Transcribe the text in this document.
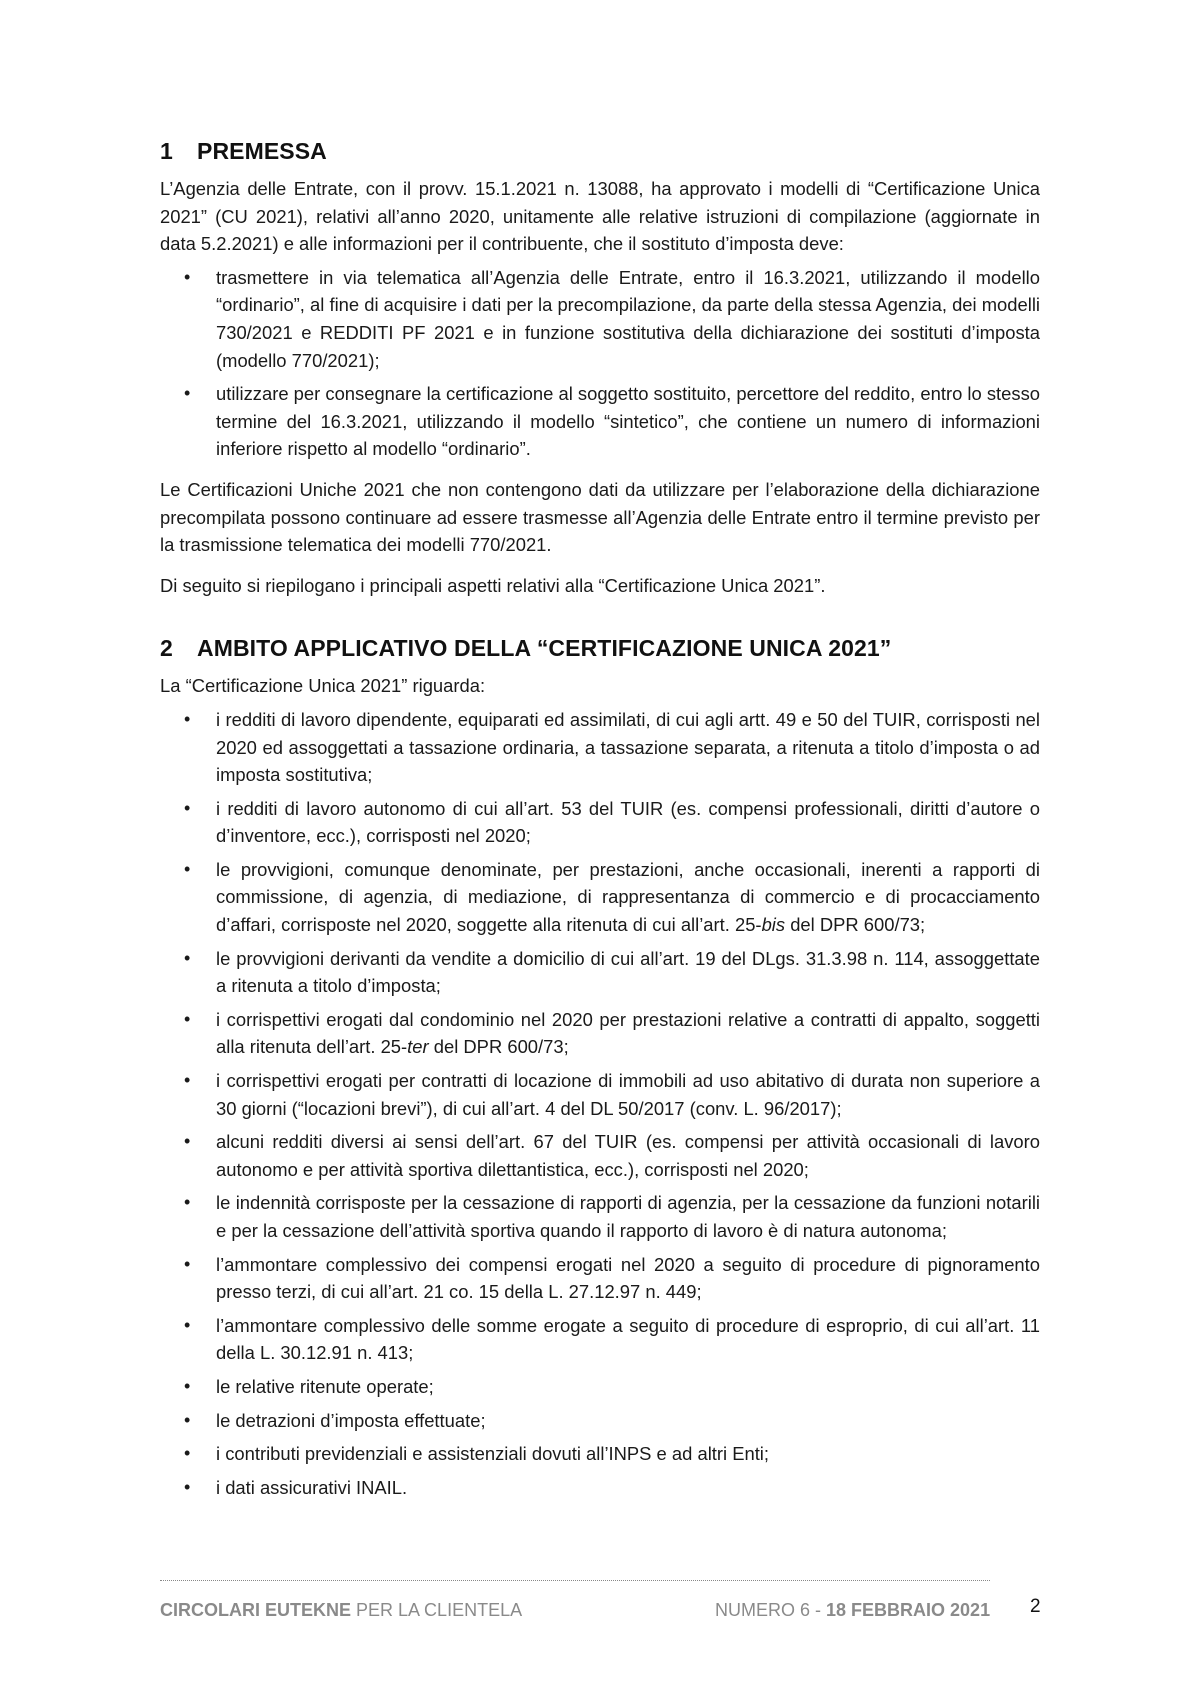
1 PREMESSA

L’Agenzia delle Entrate, con il provv. 15.1.2021 n. 13088, ha approvato i modelli di “Certificazione Unica 2021” (CU 2021), relativi all’anno 2020, unitamente alle relative istruzioni di compilazione (aggiornate in data 5.2.2021) e alle informazioni per il contribuente, che il sostituto d’imposta deve:

• trasmettere in via telematica all’Agenzia delle Entrate, entro il 16.3.2021, utilizzando il modello “ordinario”, al fine di acquisire i dati per la precompilazione, da parte della stessa Agenzia, dei modelli 730/2021 e REDDITI PF 2021 e in funzione sostitutiva della dichiarazione dei sostituti d’imposta (modello 770/2021);
• utilizzare per consegnare la certificazione al soggetto sostituito, percettore del reddito, entro lo stesso termine del 16.3.2021, utilizzando il modello “sintetico”, che contiene un numero di informazioni inferiore rispetto al modello “ordinario”.

Le Certificazioni Uniche 2021 che non contengono dati da utilizzare per l’elaborazione della dichiarazione precompilata possono continuare ad essere trasmesse all’Agenzia delle Entrate entro il termine previsto per la trasmissione telematica dei modelli 770/2021.

Di seguito si riepilogano i principali aspetti relativi alla “Certificazione Unica 2021”.

2 AMBITO APPLICATIVO DELLA “CERTIFICAZIONE UNICA 2021”

La “Certificazione Unica 2021” riguarda:

• i redditi di lavoro dipendente, equiparati ed assimilati, di cui agli artt. 49 e 50 del TUIR, corrisposti nel 2020 ed assoggettati a tassazione ordinaria, a tassazione separata, a ritenuta a titolo d’imposta o ad imposta sostitutiva;
• i redditi di lavoro autonomo di cui all’art. 53 del TUIR (es. compensi professionali, diritti d’autore o d’inventore, ecc.), corrisposti nel 2020;
• le provvigioni, comunque denominate, per prestazioni, anche occasionali, inerenti a rapporti di commissione, di agenzia, di mediazione, di rappresentanza di commercio e di procacciamento d’affari, corrisposte nel 2020, soggette alla ritenuta di cui all’art. 25-bis del DPR 600/73;
• le provvigioni derivanti da vendite a domicilio di cui all’art. 19 del DLgs. 31.3.98 n. 114, assoggettate a ritenuta a titolo d’imposta;
• i corrispettivi erogati dal condominio nel 2020 per prestazioni relative a contratti di appalto, soggetti alla ritenuta dell’art. 25-ter del DPR 600/73;
• i corrispettivi erogati per contratti di locazione di immobili ad uso abitativo di durata non superiore a 30 giorni (“locazioni brevi”), di cui all’art. 4 del DL 50/2017 (conv. L. 96/2017);
• alcuni redditi diversi ai sensi dell’art. 67 del TUIR (es. compensi per attività occasionali di lavoro autonomo e per attività sportiva dilettantistica, ecc.), corrisposti nel 2020;
• le indennità corrisposte per la cessazione di rapporti di agenzia, per la cessazione da funzioni notarili e per la cessazione dell’attività sportiva quando il rapporto di lavoro è di natura autonoma;
• l’ammontare complessivo dei compensi erogati nel 2020 a seguito di procedure di pignoramento presso terzi, di cui all’art. 21 co. 15 della L. 27.12.97 n. 449;
• l’ammontare complessivo delle somme erogate a seguito di procedure di esproprio, di cui all’art. 11 della L. 30.12.91 n. 413;
• le relative ritenute operate;
• le detrazioni d’imposta effettuate;
• i contributi previdenziali e assistenziali dovuti all’INPS e ad altri Enti;
• i dati assicurativi INAIL.
CIRCOLARI EUTEKNE PER LA CLIENTELA	NUMERO 6 - 18 FEBBRAIO 2021 2
